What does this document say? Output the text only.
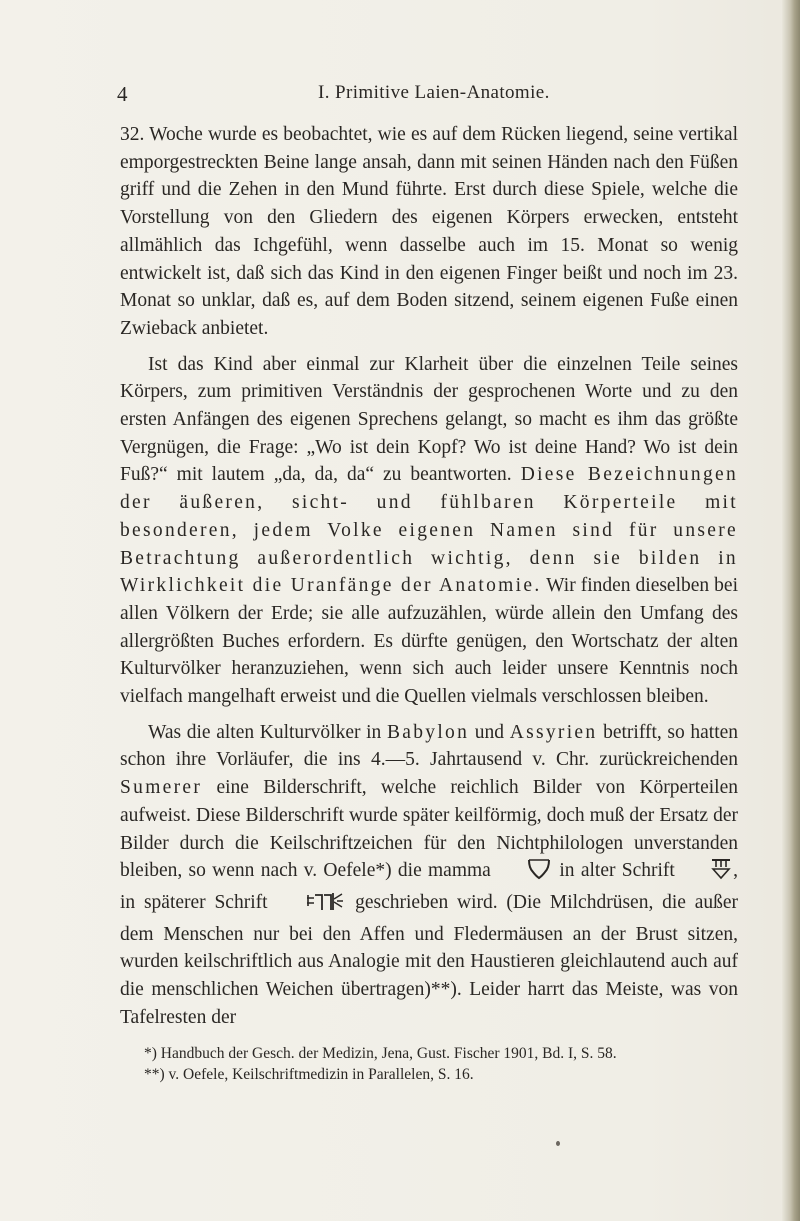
4	I. Primitive Laien-Anatomie.

32. Woche wurde es beobachtet, wie es auf dem Rücken liegend, seine vertikal emporgestreckten Beine lange ansah, dann mit seinen Händen nach den Füßen griff und die Zehen in den Mund führte. Erst durch diese Spiele, welche die Vorstellung von den Gliedern des eigenen Körpers erwecken, entsteht allmählich das Ichgefühl, wenn dasselbe auch im 15. Monat so wenig entwickelt ist, daß sich das Kind in den eigenen Finger beißt und noch im 23. Monat so unklar, daß es, auf dem Boden sitzend, seinem eigenen Fuße einen Zwieback anbietet.

Ist das Kind aber einmal zur Klarheit über die einzelnen Teile seines Körpers, zum primitiven Verständnis der gesprochenen Worte und zu den ersten Anfängen des eigenen Sprechens gelangt, so macht es ihm das größte Vergnügen, die Frage: „Wo ist dein Kopf? Wo ist deine Hand? Wo ist dein Fuß?“ mit lautem „da, da, da“ zu beantworten. Diese Bezeichnungen der äußeren, sicht- und fühlbaren Körperteile mit besonderen, jedem Volke eigenen Namen sind für unsere Betrachtung außerordentlich wichtig, denn sie bilden in Wirklichkeit die Uranfänge der Anatomie. Wir finden dieselben bei allen Völkern der Erde; sie alle aufzuzählen, würde allein den Umfang des allergrößten Buches erfordern. Es dürfte genügen, den Wortschatz der alten Kulturvölker heranzuziehen, wenn sich auch leider unsere Kenntnis noch vielfach mangelhaft erweist und die Quellen vielmals verschlossen bleiben.

Was die alten Kulturvölker in Babylon und Assyrien betrifft, so hatten schon ihre Vorläufer, die ins 4.—5. Jahrtausend v. Chr. zurückreichenden Sumerer eine Bilderschrift, welche reichlich Bilder von Körperteilen aufweist. Diese Bilderschrift wurde später keilförmig, doch muß der Ersatz der Bilder durch die Keilschriftzeichen für den Nichtphilologen unverstanden bleiben, so wenn nach v. Oefele*) die mamma	in alter Schrift	, in späterer Schrift	geschrieben wird. (Die Milchdrüsen, die außer dem Menschen nur bei den Affen und Fledermäusen an der Brust sitzen, wurden keilschriftlich aus Analogie mit den Haustieren gleichlautend auch auf die menschlichen Weichen übertragen)**). Leider harrt das Meiste, was von Tafelresten der

*) Handbuch der Gesch. der Medizin, Jena, Gust. Fischer 1901, Bd. I, S. 58.
**) v. Oefele, Keilschriftmedizin in Parallelen, S. 16.
